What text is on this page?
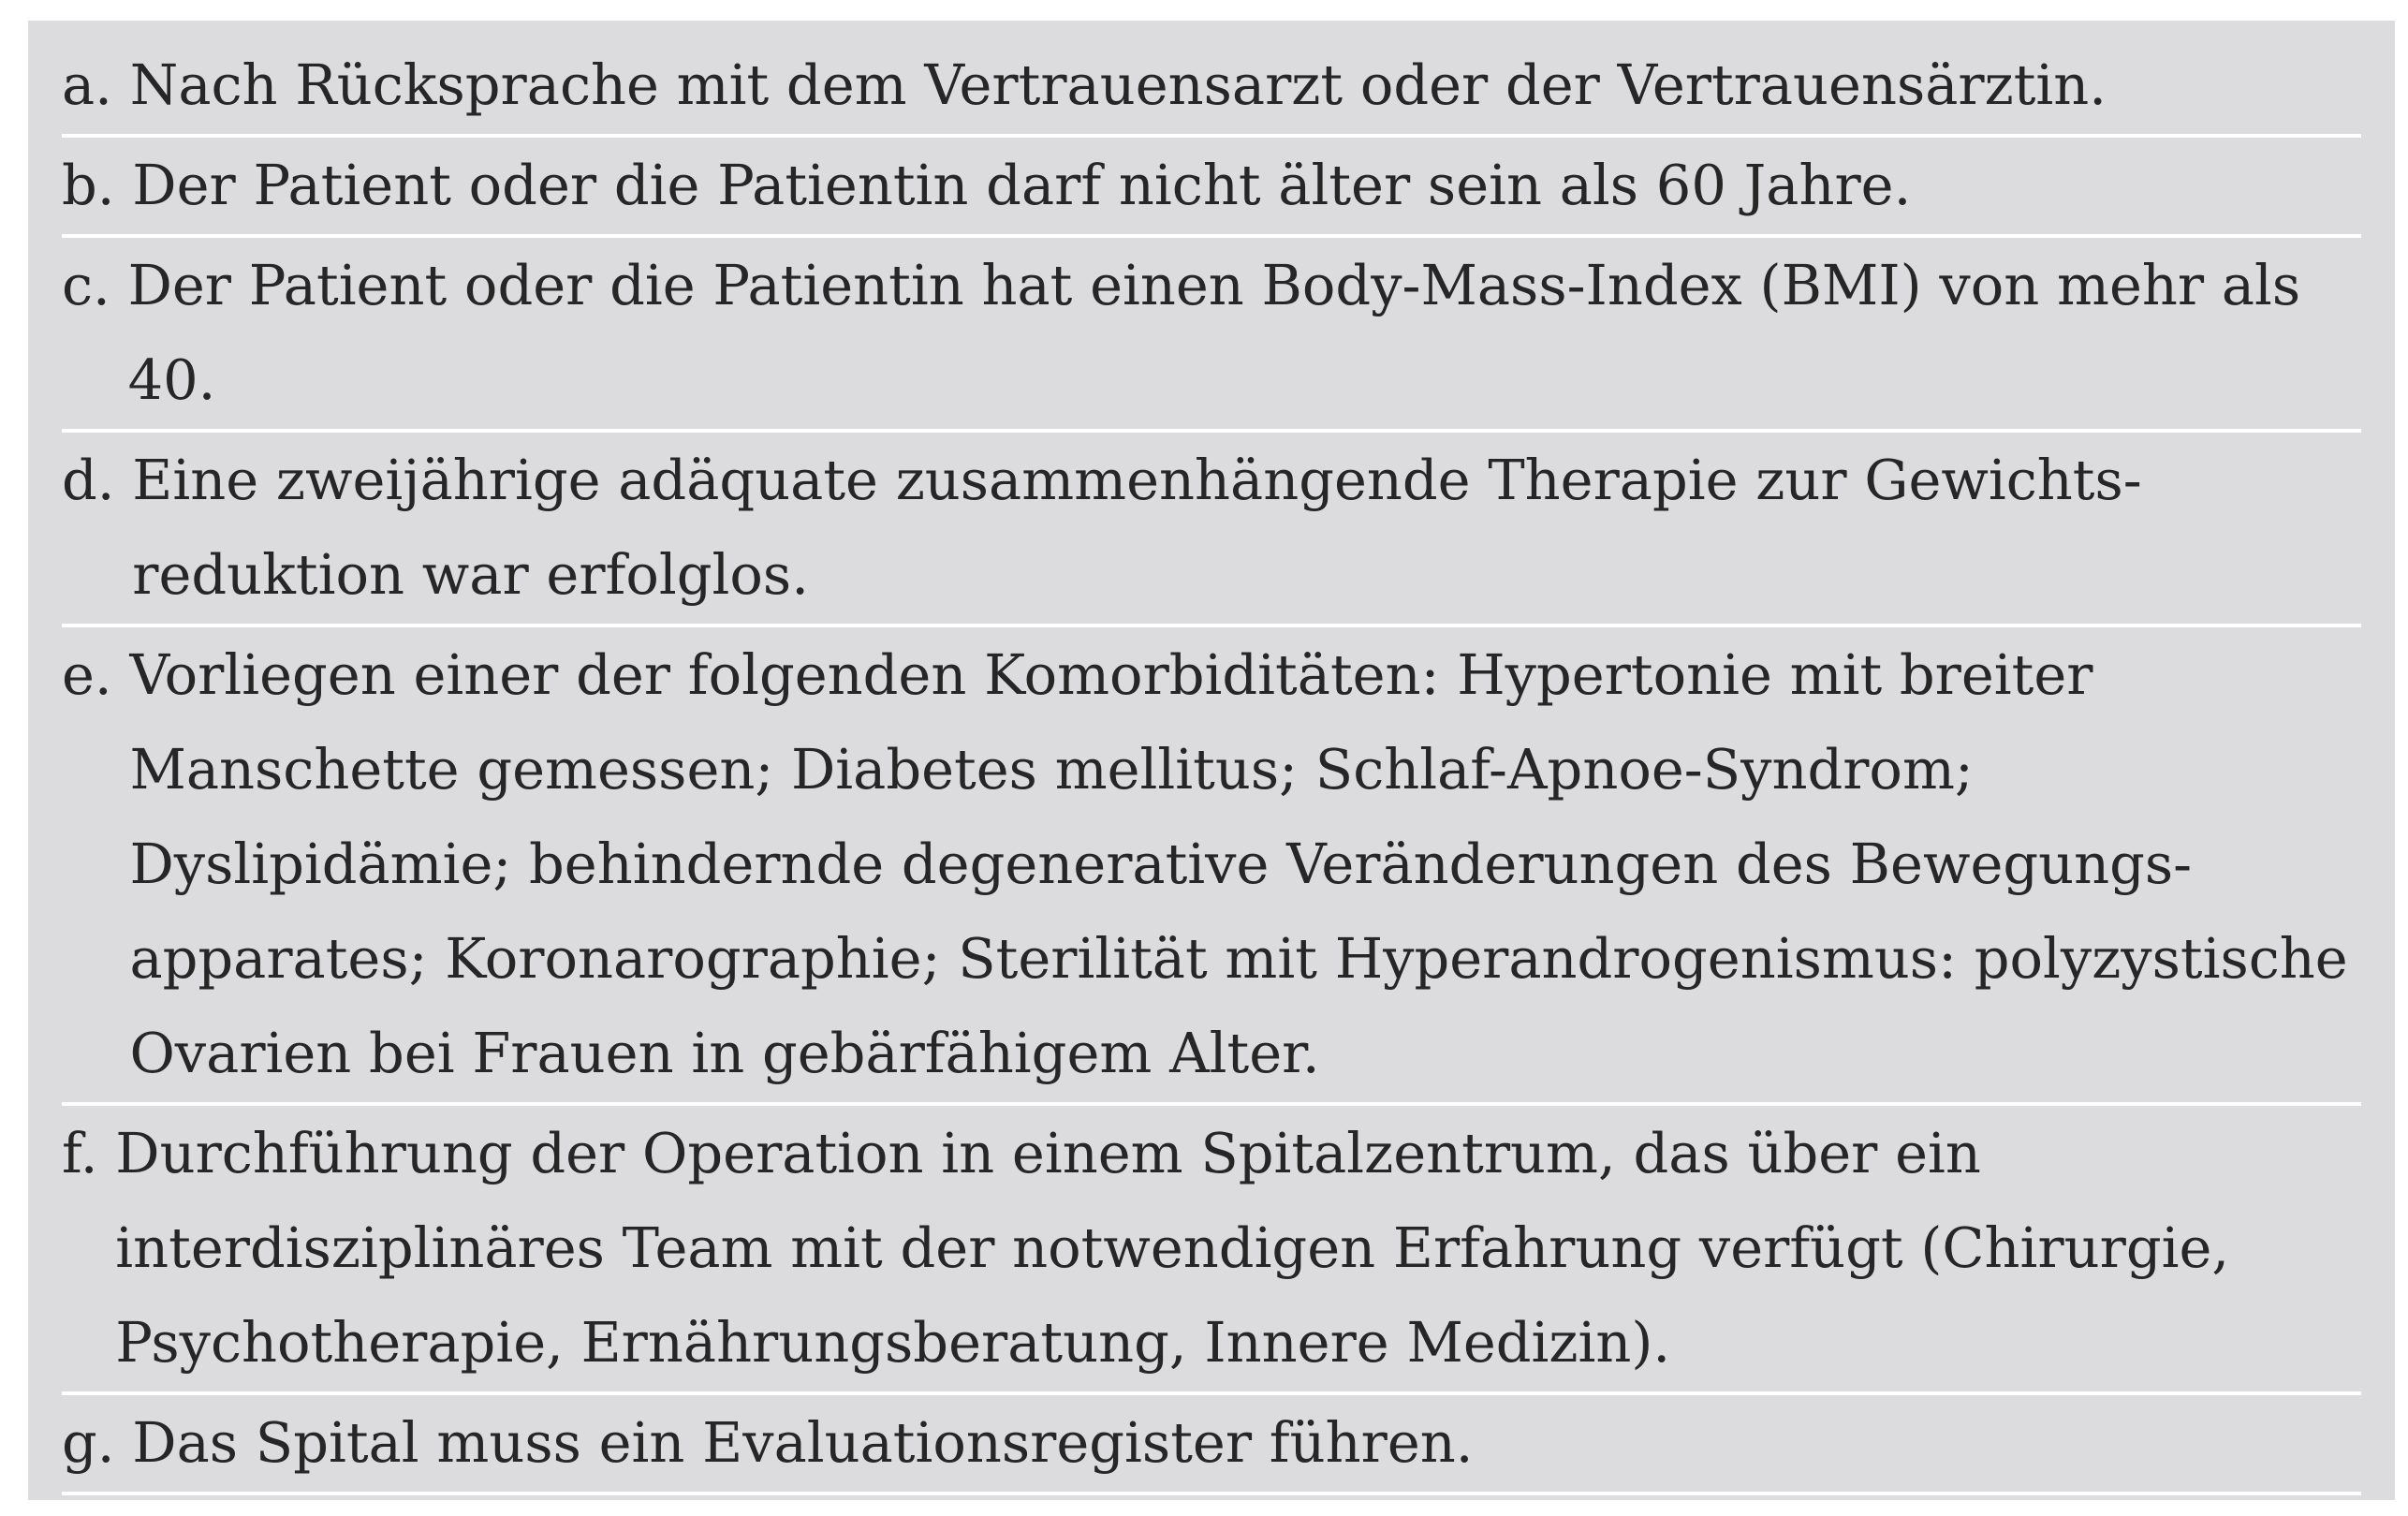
a.
Nach Rücksprache mit dem Vertrauensarzt oder der Vertrauensärztin.
b.
Der Patient oder die Patientin darf nicht älter sein als 60 Jahre.
c.
Der Patient oder die Patientin hat einen Body-Mass-Index (BMI) von mehr als 40.
d.
Eine zweijährige adäquate zusammenhängende Therapie zur Gewichts-reduktion war erfolglos.
e.
Vorliegen einer der folgenden Komorbiditäten: Hypertonie mit breiter Manschette gemessen; Diabetes mellitus; Schlaf-Apnoe-Syndrom; Dyslipidämie; behindernde degenerative Veränderungen des Bewegungs-apparates; Koronarographie; Sterilität mit Hyperandrogenismus: polyzystische Ovarien bei Frauen in gebärfähigem Alter.
f.
Durchführung der Operation in einem Spitalzentrum, das über ein interdisziplinäres Team mit der notwendigen Erfahrung verfügt (Chirurgie, Psychotherapie, Ernährungsberatung, Innere Medizin).
g.
Das Spital muss ein Evaluationsregister führen.
